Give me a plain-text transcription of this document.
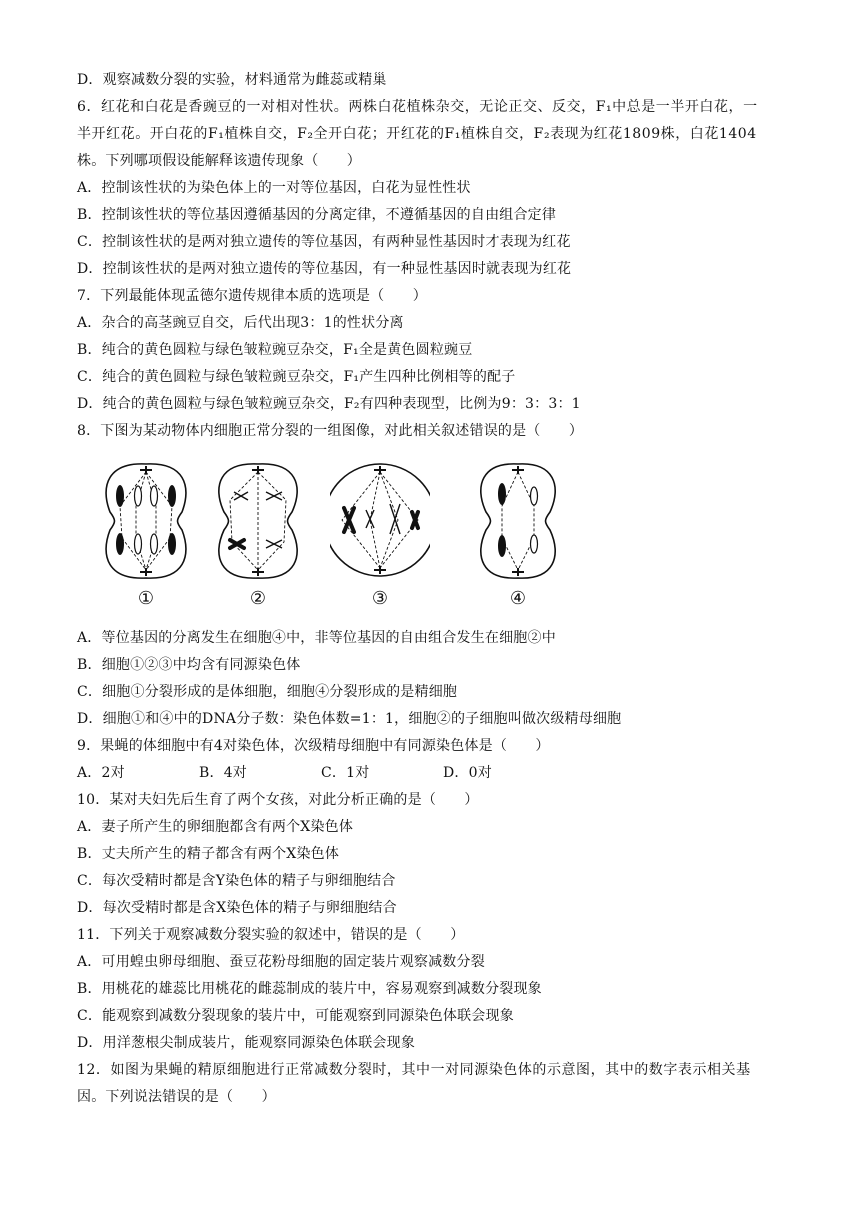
D．观察减数分裂的实验，材料通常为雌蕊或精巢
6．红花和白花是香豌豆的一对相对性状。两株白花植株杂交，无论正交、反交，F₁中总是一半开白花，一
半开红花。开白花的F₁植株自交，F₂全开白花；开红花的F₁植株自交，F₂表现为红花1809株，白花1404
株。下列哪项假设能解释该遗传现象（　　）
A．控制该性状的为染色体上的一对等位基因，白花为显性性状
B．控制该性状的等位基因遵循基因的分离定律，不遵循基因的自由组合定律
C．控制该性状的是两对独立遗传的等位基因，有两种显性基因时才表现为红花
D．控制该性状的是两对独立遗传的等位基因，有一种显性基因时就表现为红花
7．下列最能体现孟德尔遗传规律本质的选项是（　　）
A．杂合的高茎豌豆自交，后代出现3：1的性状分离
B．纯合的黄色圆粒与绿色皱粒豌豆杂交，F₁全是黄色圆粒豌豆
C．纯合的黄色圆粒与绿色皱粒豌豆杂交，F₁产生四种比例相等的配子
D．纯合的黄色圆粒与绿色皱粒豌豆杂交，F₂有四种表现型，比例为9：3：3：1
8．下图为某动物体内细胞正常分裂的一组图像，对此相关叙述错误的是（　　）
①	②	③	④
A．等位基因的分离发生在细胞④中，非等位基因的自由组合发生在细胞②中
B．细胞①②③中均含有同源染色体
C．细胞①分裂形成的是体细胞，细胞④分裂形成的是精细胞
D．细胞①和④中的DNA分子数：染色体数=1：1，细胞②的子细胞叫做次级精母细胞
9．果蝇的体细胞中有4对染色体，次级精母细胞中有同源染色体是（　　）
A．2对	B．4对	C．1对	D．0对
10．某对夫妇先后生育了两个女孩，对此分析正确的是（　　）
A．妻子所产生的卵细胞都含有两个X染色体
B．丈夫所产生的精子都含有两个X染色体
C．每次受精时都是含Y染色体的精子与卵细胞结合
D．每次受精时都是含X染色体的精子与卵细胞结合
11．下列关于观察减数分裂实验的叙述中，错误的是（　　）
A．可用蝗虫卵母细胞、蚕豆花粉母细胞的固定装片观察减数分裂
B．用桃花的雄蕊比用桃花的雌蕊制成的装片中，容易观察到减数分裂现象
C．能观察到减数分裂现象的装片中，可能观察到同源染色体联会现象
D．用洋葱根尖制成装片，能观察同源染色体联会现象
12．如图为果蝇的精原细胞进行正常减数分裂时，其中一对同源染色体的示意图，其中的数字表示相关基
因。下列说法错误的是（　　）
